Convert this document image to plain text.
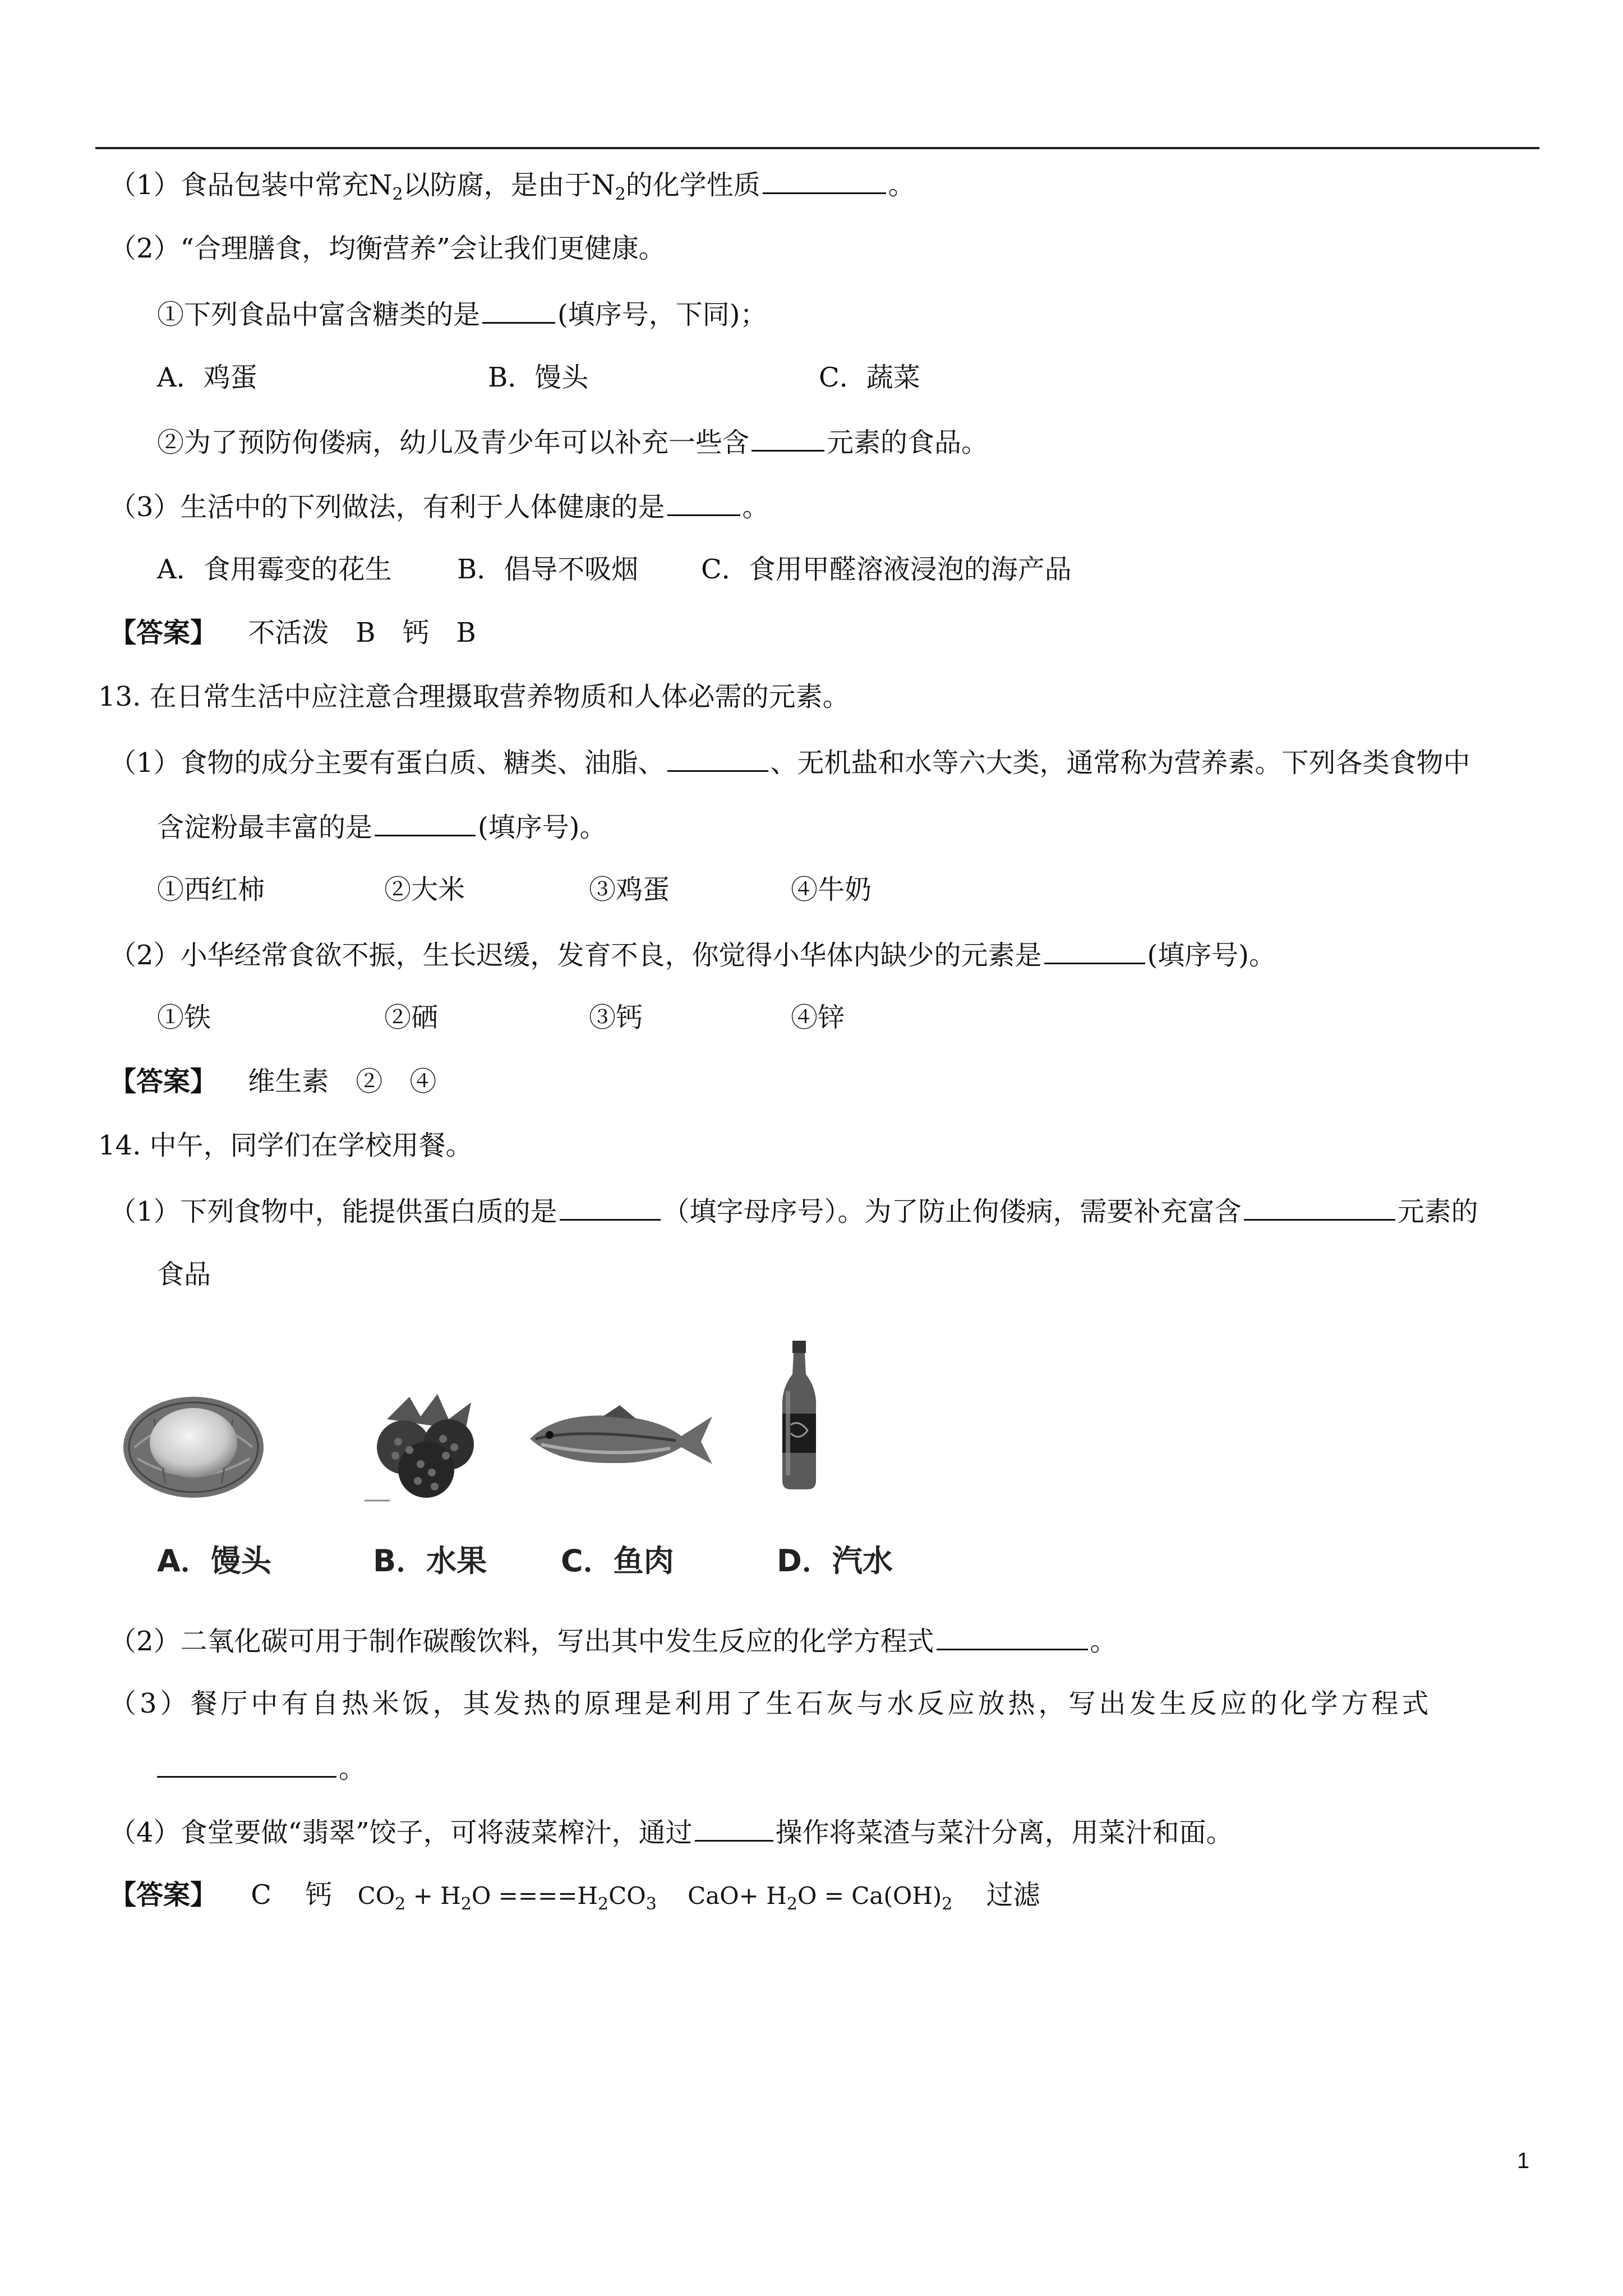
（1）食品包装中常充$N_2$以防腐，是由于$N_2$的化学性质	。
（2）“合理膳食，均衡营养”会让我们更健康。
①下列食品中富含糖类的是	(填序号，下同)；
A．鸡蛋	B．馒头	C．蔬菜
②为了预防佝偻病，幼儿及青少年可以补充一些含	元素的食品。
（3）生活中的下列做法，有利于人体健康的是	。
A．食用霉变的花生 B．倡导不吸烟 C．食用甲醛溶液浸泡的海产品
【答案】 不活泼　B　钙　B
13. 在日常生活中应注意合理摄取营养物质和人体必需的元素。
（1）食物的成分主要有蛋白质、糖类、油脂、	、无机盐和水等六大类，通常称为营养素。下列各类食物中
含淀粉最丰富的是	(填序号)。
①西红柿	②大米	③鸡蛋	④牛奶
（2）小华经常食欲不振，生长迟缓，发育不良，你觉得小华体内缺少的元素是	(填序号)。
①铁	②硒	③钙	④锌
【答案】 维生素　②　④
14. 中午，同学们在学校用餐。
（1）下列食物中，能提供蛋白质的是	（填字母序号）。为了防止佝偻病，需要补充富含	元素的
食品
A．馒头	B．水果 C．鱼肉	D．汽水
（2）二氧化碳可用于制作碳酸饮料，写出其中发生反应的化学方程式	。
（3）餐厅中有自热米饭，其发热的原理是利用了生石灰与水反应放热，写出发生反应的化学方程式
。
（4）食堂要做“翡翠”饺子，可将菠菜榨汁，通过	操作将菜渣与菜汁分离，用菜汁和面。
【答案】 C 钙 $CO_2 + H_2O ====H_2CO_3$ $CaO+ H_2O = Ca(OH)_2$ 过滤
1
